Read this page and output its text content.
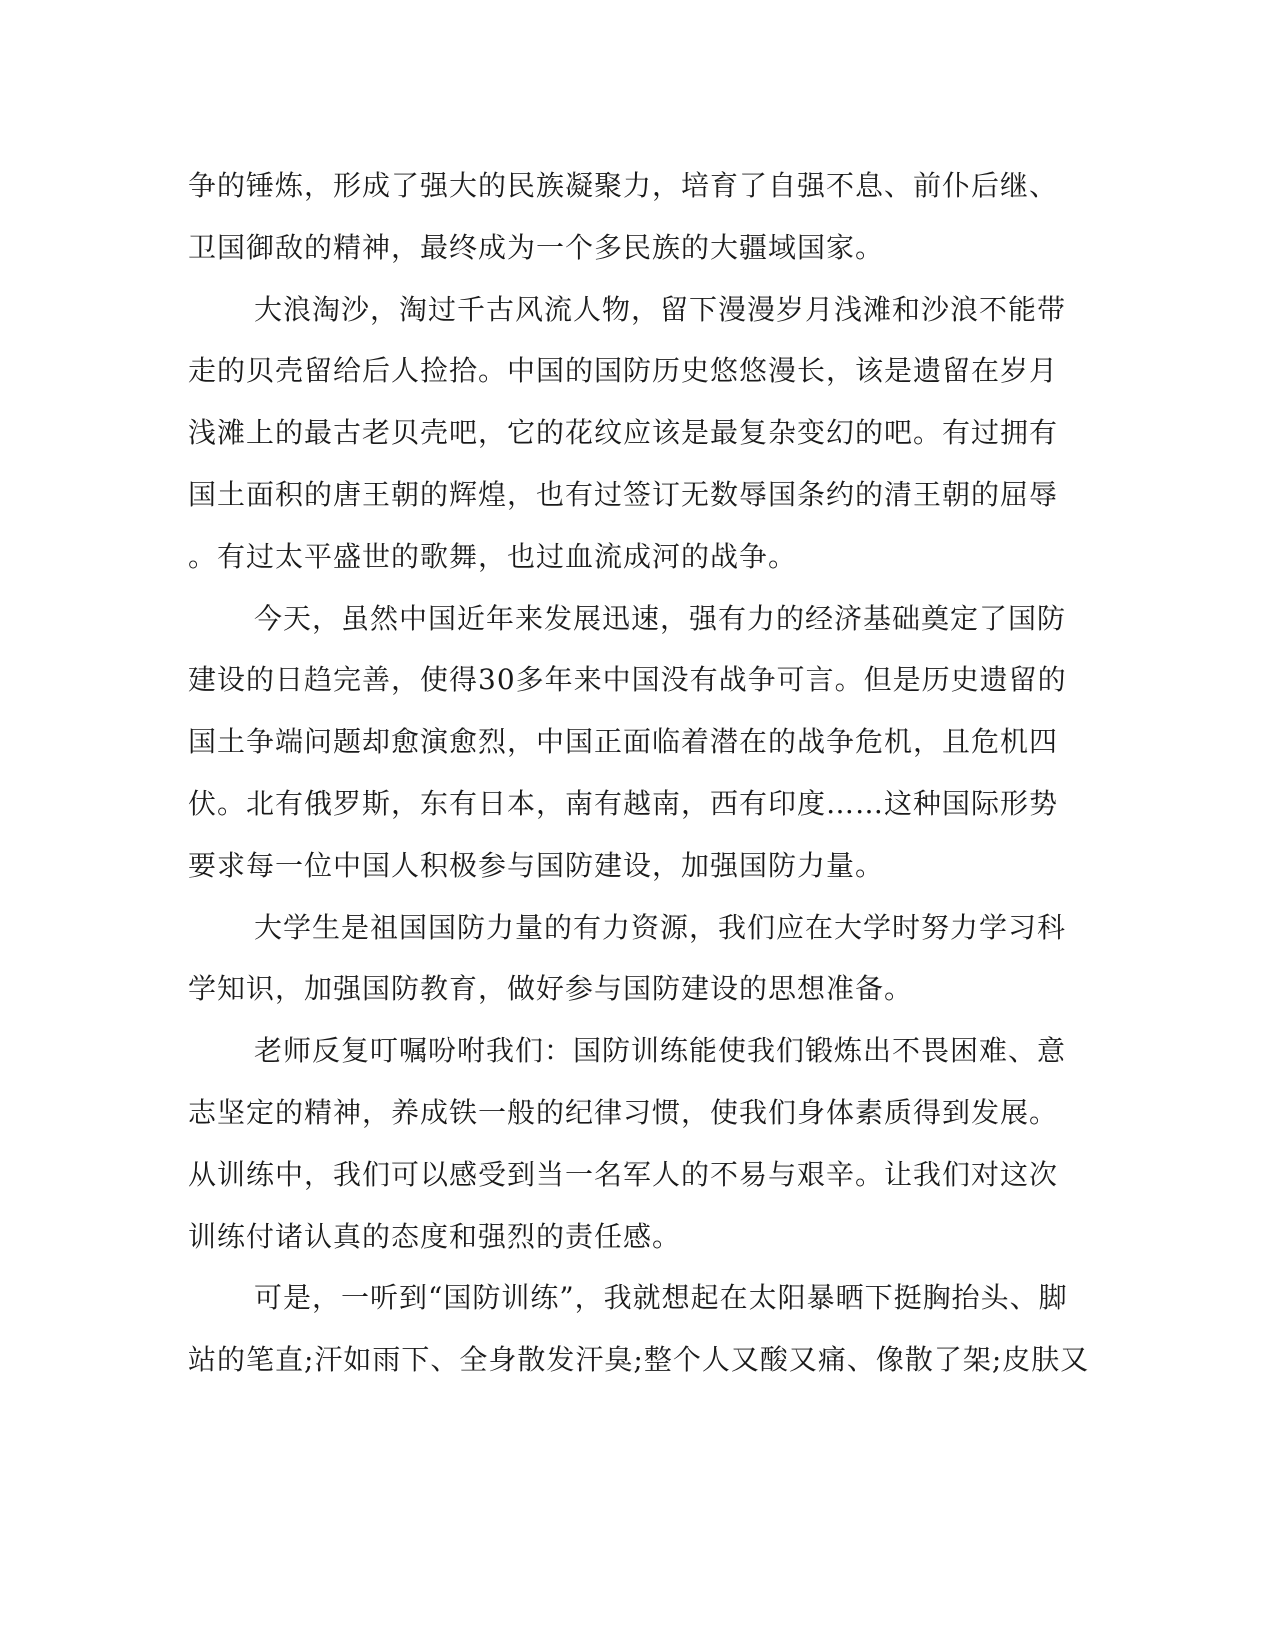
争的锤炼，形成了强大的民族凝聚力，培育了自强不息、前仆后继、
卫国御敌的精神，最终成为一个多民族的大疆域国家。
大浪淘沙，淘过千古风流人物，留下漫漫岁月浅滩和沙浪不能带
走的贝壳留给后人捡拾。中国的国防历史悠悠漫长，该是遗留在岁月
浅滩上的最古老贝壳吧，它的花纹应该是最复杂变幻的吧。有过拥有
国土面积的唐王朝的辉煌，也有过签订无数辱国条约的清王朝的屈辱
。有过太平盛世的歌舞，也过血流成河的战争。
今天，虽然中国近年来发展迅速，强有力的经济基础奠定了国防
建设的日趋完善，使得30多年来中国没有战争可言。但是历史遗留的
国土争端问题却愈演愈烈，中国正面临着潜在的战争危机，且危机四
伏。北有俄罗斯，东有日本，南有越南，西有印度……这种国际形势
要求每一位中国人积极参与国防建设，加强国防力量。
大学生是祖国国防力量的有力资源，我们应在大学时努力学习科
学知识，加强国防教育，做好参与国防建设的思想准备。
老师反复叮嘱吩咐我们：国防训练能使我们锻炼出不畏困难、意
志坚定的精神，养成铁一般的纪律习惯，使我们身体素质得到发展。
从训练中，我们可以感受到当一名军人的不易与艰辛。让我们对这次
训练付诸认真的态度和强烈的责任感。
可是，一听到“国防训练”，我就想起在太阳暴晒下挺胸抬头、脚
站的笔直;汗如雨下、全身散发汗臭;整个人又酸又痛、像散了架;皮肤又
